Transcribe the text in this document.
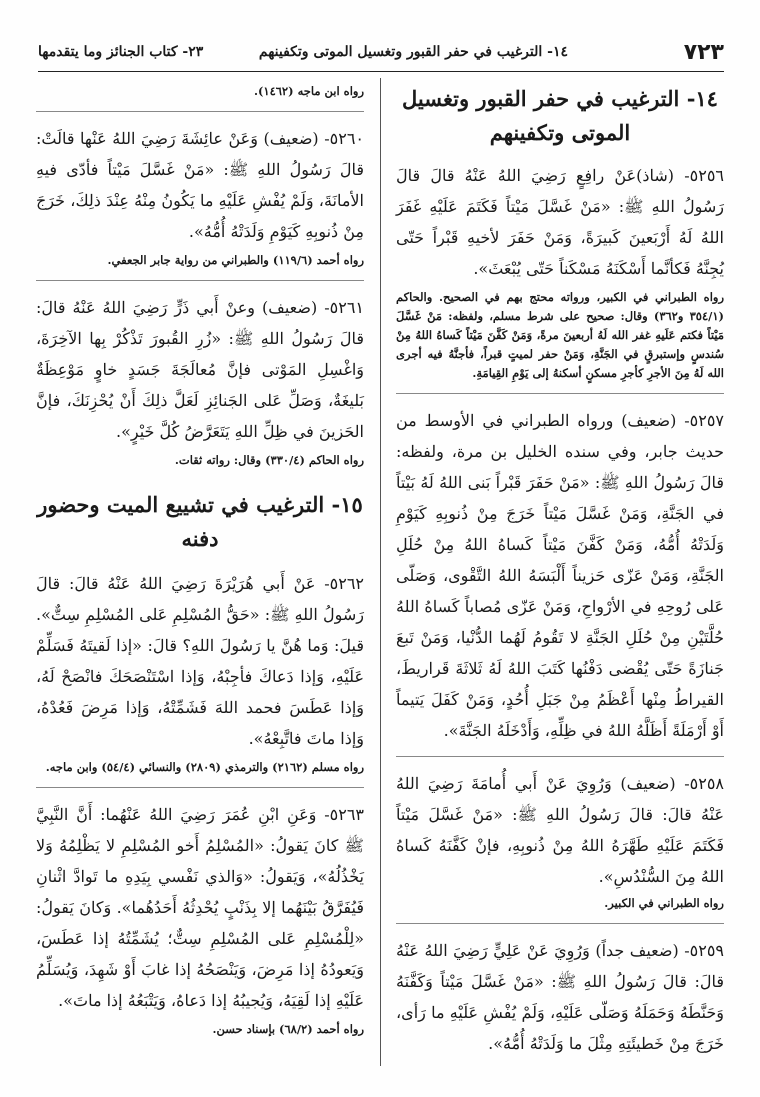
٧٢٣
١٤- الترغيب في حفر القبور وتغسيل الموتى وتكفينهم
٢٣- كتاب الجنائز وما يتقدمها

١٤- الترغيب في حفر القبور وتغسيل

الموتى وتكفينهم

٥٢٥٦- (شاذ)عَنْ رافِعٍ رَضِيَ اللهُ عَنْهُ قالَ قالَ رَسُولُ اللهِ ﷺ: «مَنْ غَسَّلَ مَيْتاً فَكَتَمَ عَلَيْهِ غَفَرَ اللهُ لَهُ أَرْبَعينَ كَبيرَةً، وَمَنْ حَفَرَ لأخيهِ قَبْراً حَتّى يُجِنَّهُ فَكأنَّما أَسْكَنَهُ مَسْكَناً حَتّى يُبْعَثَ».

رواه الطبراني في الكبير، ورواته محتج بهم في الصحيح. والحاكم (٣٥٤/١ و٣٦٢) وقال: صحيح على شرط مسلم، ولفظه: مَنْ غَسَّلَ مَيْتاً فكتم عَلَيهِ غفر الله لَهُ أربعينَ مرةً، وَمَنْ كَفَّنَ مَيْتاً كَساهُ اللهُ مِنْ سُندسٍ وإستبرقٍ في الجَنَّةِ، وَمَنْ حفر لميتٍ قبراً، فأجنَّهُ فيه أجرى الله لَهُ مِنَ الأجرِ كأجرِ مسكنٍ أسكنهُ إلى يَوْمِ القِيامَةِ.

٥٢٥٧- (ضعيف) ورواه الطبراني في الأوسط من حديث جابر، وفي سنده الخليل بن مرة، ولفظه: قالَ رَسُولُ اللهِ ﷺ: «مَنْ حَفَرَ قَبْراً بَنى اللهُ لَهُ بَيْتاً في الجَنَّةِ، وَمَنْ غَسَّلَ مَيْتاً خَرَجَ مِنْ ذُنوبِهِ كَيَوْمِ وَلَدَتْهُ أُمُّهُ، وَمَنْ كَفَّنَ مَيْتاً كَساهُ اللهُ مِنْ حُلَلِ الجَنَّةِ، وَمَنْ عَزّى حَزيناً أَلْبَسَهُ اللهُ التَّقْوى، وَصَلّى عَلى رُوحِهِ في الأرْواحِ، وَمَنْ عَزّى مُصاباً كَساهُ اللهُ حُلَّتَيْنِ مِنْ حُلَلِ الجَنَّةِ لا تَقُومُ لَهُما الدُّنْيا، وَمَنْ تَبعَ جَنازَةً حَتّى يُقْضى دَفْنُها كَتَبَ اللهُ لَهُ ثَلاثَةَ قَراريطَ، القيراطُ مِنْها أَعْظَمُ مِنْ جَبَلِ أُحُدٍ، وَمَنْ كَفَلَ يَتيماً أَوْ أَرْمَلَةً أَظَلَّهُ اللهُ في ظِلِّهِ، وَأَدْخَلَهُ الجَنَّةَ».

٥٢٥٨- (ضعيف) وَرُوِيَ عَنْ أَبي أُمامَةَ رَضِيَ اللهُ عَنْهُ قالَ: قالَ رَسُولُ اللهِ ﷺ: «مَنْ غَسَّلَ مَيْتاً فَكَتَمَ عَلَيْهِ طَهَّرَهُ اللهُ مِنْ ذُنوبِهِ، فإنْ كَفَّنَهُ كَساهُ اللهُ مِنَ السُّنْدُسِ».

رواه الطبراني في الكبير.

٥٢٥٩- (ضعيف جداً) وَرُوِيَ عَنْ عَلِيٍّ رَضِيَ اللهُ عَنْهُ قالَ: قالَ رَسُولُ اللهِ ﷺ: «مَنْ غَسَّلَ مَيْتاً وَكَفَّنَهُ وَحَنَّطَهُ وَحَمَلَهُ وَصَلّى عَلَيْهِ، وَلَمْ يُفْشِ عَلَيْهِ ما رَأى، خَرَجَ مِنْ خَطيئَتِهِ مِثْلَ ما وَلَدَتْهُ أُمُّهُ».

رواه ابن ماجه (١٤٦٢).

٥٢٦٠- (ضعيف) وَعَنْ عائِشَةَ رَضِيَ اللهُ عَنْها قالَتْ: قالَ رَسُولُ اللهِ ﷺ: «مَنْ غَسَّلَ مَيْتاً فأدّى فيهِ الأمانَةَ، وَلَمْ يُفْشِ عَلَيْهِ ما يَكُونُ مِنْهُ عِنْدَ ذلِكَ، خَرَجَ مِنْ ذُنوبِهِ كَيَوْمِ وَلَدَتْهُ أُمُّهُ».

رواه أحمد (١١٩/٦) والطبراني من رواية جابر الجعفي.

٥٢٦١- (ضعيف) وعنْ أَبي ذَرٍّ رَضِيَ اللهُ عَنْهُ قالَ: قالَ رَسُولُ اللهِ ﷺ: «زُرِ القُبورَ تَذْكُرْ بِها الآخِرَةَ، وَاغْسِلِ المَوْتى فإنَّ مُعالَجَةَ جَسَدٍ خاوٍ مَوْعِظَةٌ بَليغَةٌ، وَصَلِّ عَلى الجَنائِزِ لَعَلَّ ذلِكَ أَنْ يُحْزِنَكَ، فإنَّ الحَزينَ في ظِلِّ اللهِ يَتَعَرَّضُ كُلَّ خَيْرٍ».

رواه الحاكم (٣٣٠/٤) وقال: رواته ثقات.

١٥- الترغيب في تشييع الميت وحضور دفنه

٥٢٦٢- عَنْ أَبي هُرَيْرَةَ رَضِيَ اللهُ عَنْهُ قالَ: قالَ رَسُولُ اللهِ ﷺ: «حَقُّ المُسْلِمِ عَلى المُسْلِمِ سِتٌّ». قيلَ: وَما هُنَّ يا رَسُولَ اللهِ؟ قالَ: «إذا لَقيتَهُ فَسَلِّمْ عَلَيْهِ، وَإذا دَعاكَ فأجِبْهُ، وَإذا اسْتَنْصَحَكَ فانْصَحْ لَهُ، وَإذا عَطَسَ فحمد اللهَ فَشَمِّتْهُ، وَإذا مَرِضَ فَعُدْهُ، وَإذا ماتَ فاتَّبِعْهُ».

رواه مسلم (٢١٦٢) والترمذي (٢٨٠٩) والنسائي (٥٤/٤) وابن ماجه.

٥٢٦٣- وَعَنِ ابْنِ عُمَرَ رَضِيَ اللهُ عَنْهُما: أَنَّ النَّبِيَّ ﷺ كانَ يَقولُ: «المُسْلِمُ أَخو المُسْلِمِ لا يَظْلِمُهُ وَلا يَخْذُلُهُ»، وَيَقولُ: «وَالذي نَفْسي بِيَدِهِ ما تَوادَّ اثْنانِ فَيُفَرَّقُ بَيْنَهُما إلا بِذَنْبٍ يُحْدِثُهُ أَحَدُهُما». وَكانَ يَقولُ: «لِلْمُسْلِمِ عَلى المُسْلِمِ سِتٌّ؛ يُشَمِّتُهُ إذا عَطَسَ، وَيَعودُهُ إذا مَرِضَ، وَيَنْصَحُهُ إذا غابَ أَوْ شَهِدَ، وَيُسَلِّمُ عَلَيْهِ إذا لَقِيَهُ، وَيُجيبُهُ إذا دَعاهُ، وَيَتْبَعُهُ إذا ماتَ».

رواه أحمد (٦٨/٢) بإسناد حسن.
